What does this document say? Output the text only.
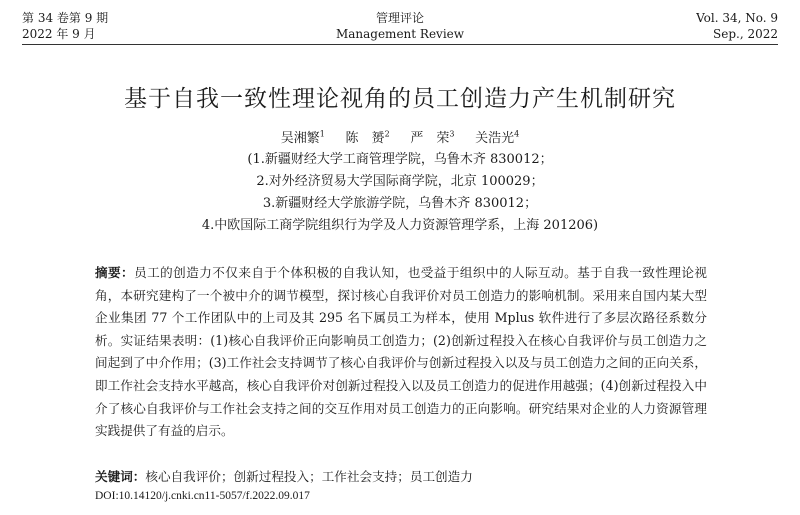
第 34 卷第 9 期
2022 年 9 月
管理评论
Management Review
Vol. 34, No. 9
Sep., 2022
基于自我一致性理论视角的员工创造力产生机制研究
吴湘繁$^1$ 陈　赟$^2$ 严　荣$^3$ 关浩光$^4$
(1.新疆财经大学工商管理学院，乌鲁木齐 830012；
2.对外经济贸易大学国际商学院，北京 100029；
3.新疆财经大学旅游学院，乌鲁木齐 830012；
4.中欧国际工商学院组织行为学及人力资源管理学系，上海 201206)
摘要：员工的创造力不仅来自于个体积极的自我认知，也受益于组织中的人际互动。基于自我一致性理论视角，本研究建构了一个被中介的调节模型，探讨核心自我评价对员工创造力的影响机制。采用来自国内某大型企业集团 77 个工作团队中的上司及其 295 名下属员工为样本，使用 Mplus 软件进行了多层次路径系数分析。实证结果表明：(1)核心自我评价正向影响员工创造力；(2)创新过程投入在核心自我评价与员工创造力之间起到了中介作用；(3)工作社会支持调节了核心自我评价与创新过程投入以及与员工创造力之间的正向关系，即工作社会支持水平越高，核心自我评价对创新过程投入以及员工创造力的促进作用越强；(4)创新过程投入中介了核心自我评价与工作社会支持之间的交互作用对员工创造力的正向影响。研究结果对企业的人力资源管理实践提供了有益的启示。
关键词：核心自我评价；创新过程投入；工作社会支持；员工创造力
DOI:10.14120/j.cnki.cn11-5057/f.2022.09.017
